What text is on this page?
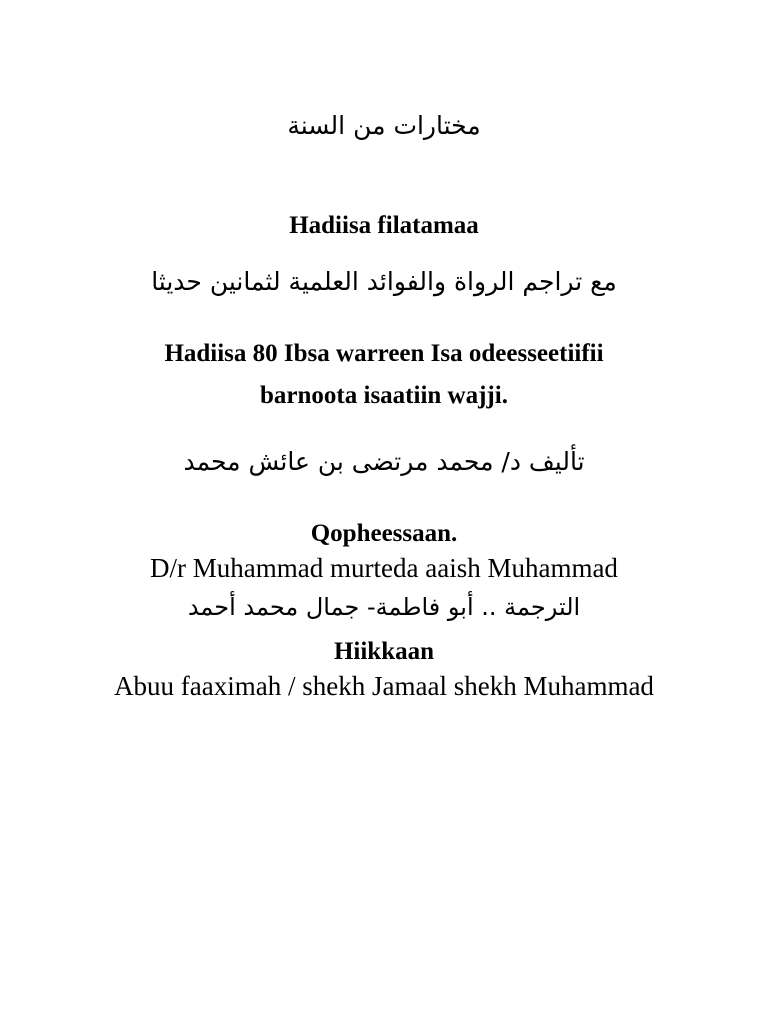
مختارات من السنة
Hadiisa filatamaa
مع تراجم الرواة والفوائد العلمية لثمانين حديثا
Hadiisa 80 Ibsa warreen Isa odeesseetiifii
barnoota isaatiin wajji.
تأليف د/ محمد مرتضى بن عائش محمد
Qopheessaan.
D/r Muhammad murteda aaish Muhammad
الترجمة .. أبو فاطمة- جمال محمد أحمد
Hiikkaan
Abuu faaximah / shekh Jamaal shekh Muhammad
